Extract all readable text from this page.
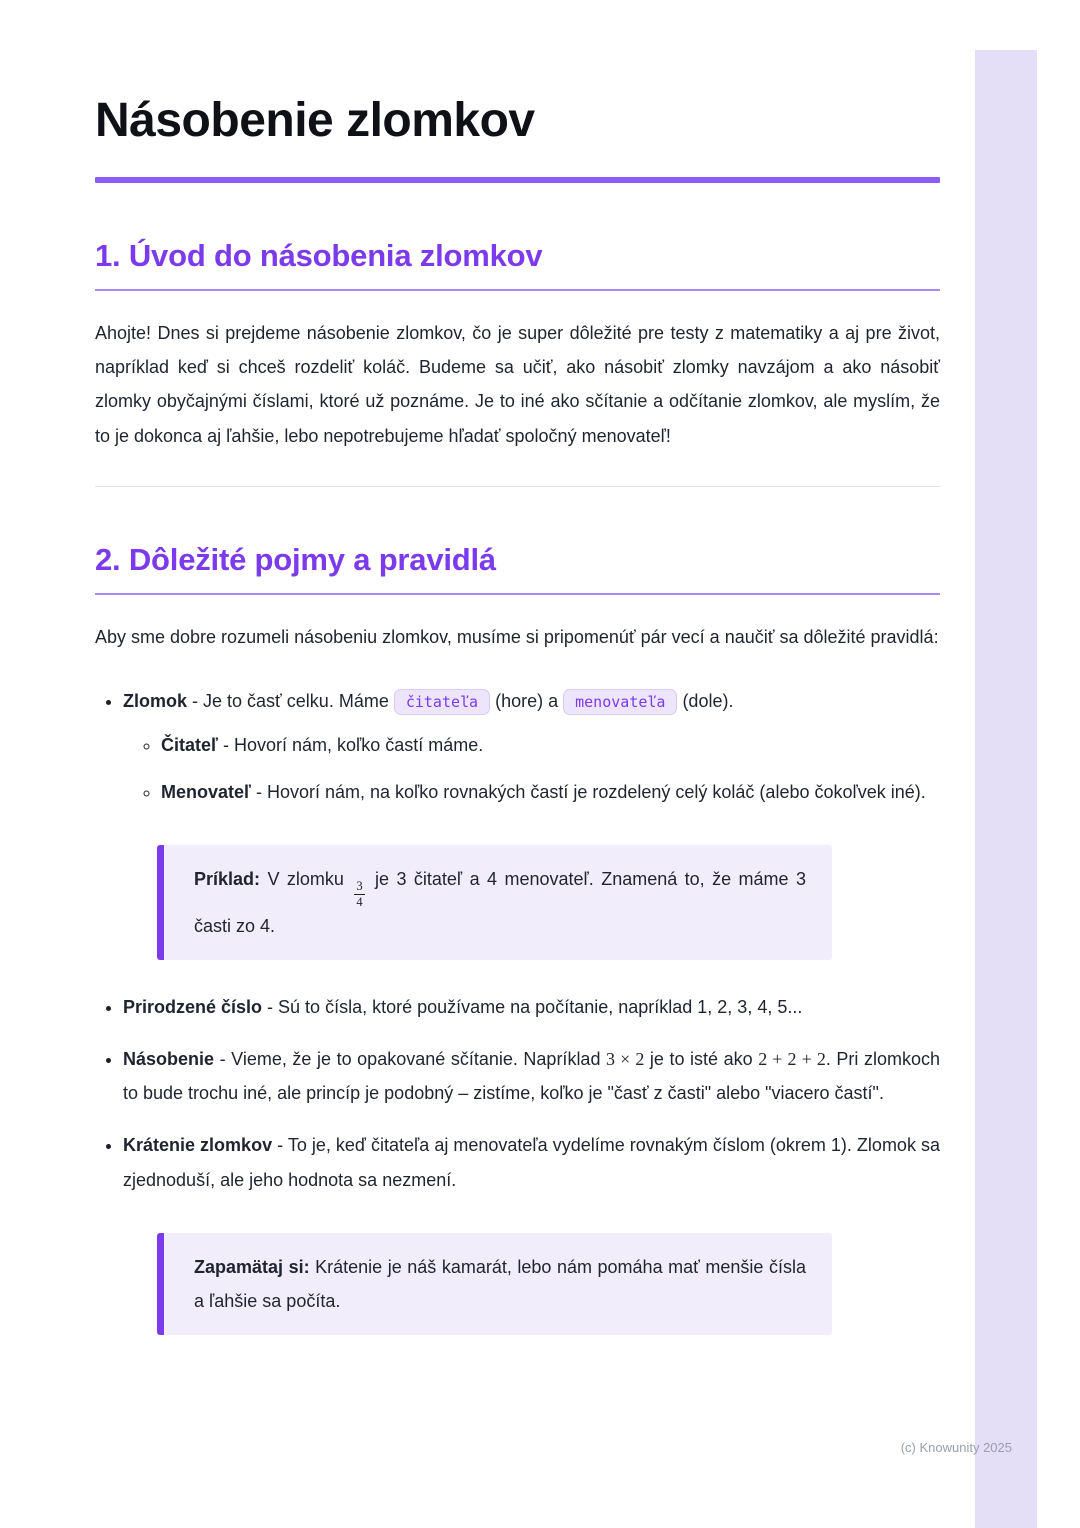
Násobenie zlomkov
1. Úvod do násobenia zlomkov

Ahojte! Dnes si prejdeme násobenie zlomkov, čo je super dôležité pre testy z matematiky a aj pre život, napríklad keď si chceš rozdeliť koláč. Budeme sa učiť, ako násobiť zlomky navzájom a ako násobiť zlomky obyčajnými číslami, ktoré už poznáme. Je to iné ako sčítanie a odčítanie zlomkov, ale myslím, že to je dokonca aj ľahšie, lebo nepotrebujeme hľadať spoločný menovateľ!

2. Dôležité pojmy a pravidlá

Aby sme dobre rozumeli násobeniu zlomkov, musíme si pripomenúť pár vecí a naučiť sa dôležité pravidlá:

• Zlomok - Je to časť celku. Máme čitateľa (hore) a menovateľa (dole).
◦ Čitateľ - Hovorí nám, koľko častí máme.
◦ Menovateľ - Hovorí nám, na koľko rovnakých častí je rozdelený celý koláč (alebo čokoľvek iné).

Príklad: V zlomku
$\frac{3}{4}$
je 3 čitateľ a 4 menovateľ. Znamená to, že máme 3 časti zo 4.

• Prirodzené číslo - Sú to čísla, ktoré používame na počítanie, napríklad 1, 2, 3, 4, 5...
• Násobenie - Vieme, že je to opakované sčítanie. Napríklad 3 × 2 je to isté ako 2 + 2 + 2. Pri zlomkoch to bude trochu iné, ale princíp je podobný – zistíme, koľko je "časť z časti" alebo "viacero častí".
• Krátenie zlomkov - To je, keď čitateľa aj menovateľa vydelíme rovnakým číslom (okrem 1). Zlomok sa zjednoduší, ale jeho hodnota sa nezmení.

Zapamätaj si: Krátenie je náš kamarát, lebo nám pomáha mať menšie čísla a ľahšie sa počíta.

(c) Knowunity 2025
